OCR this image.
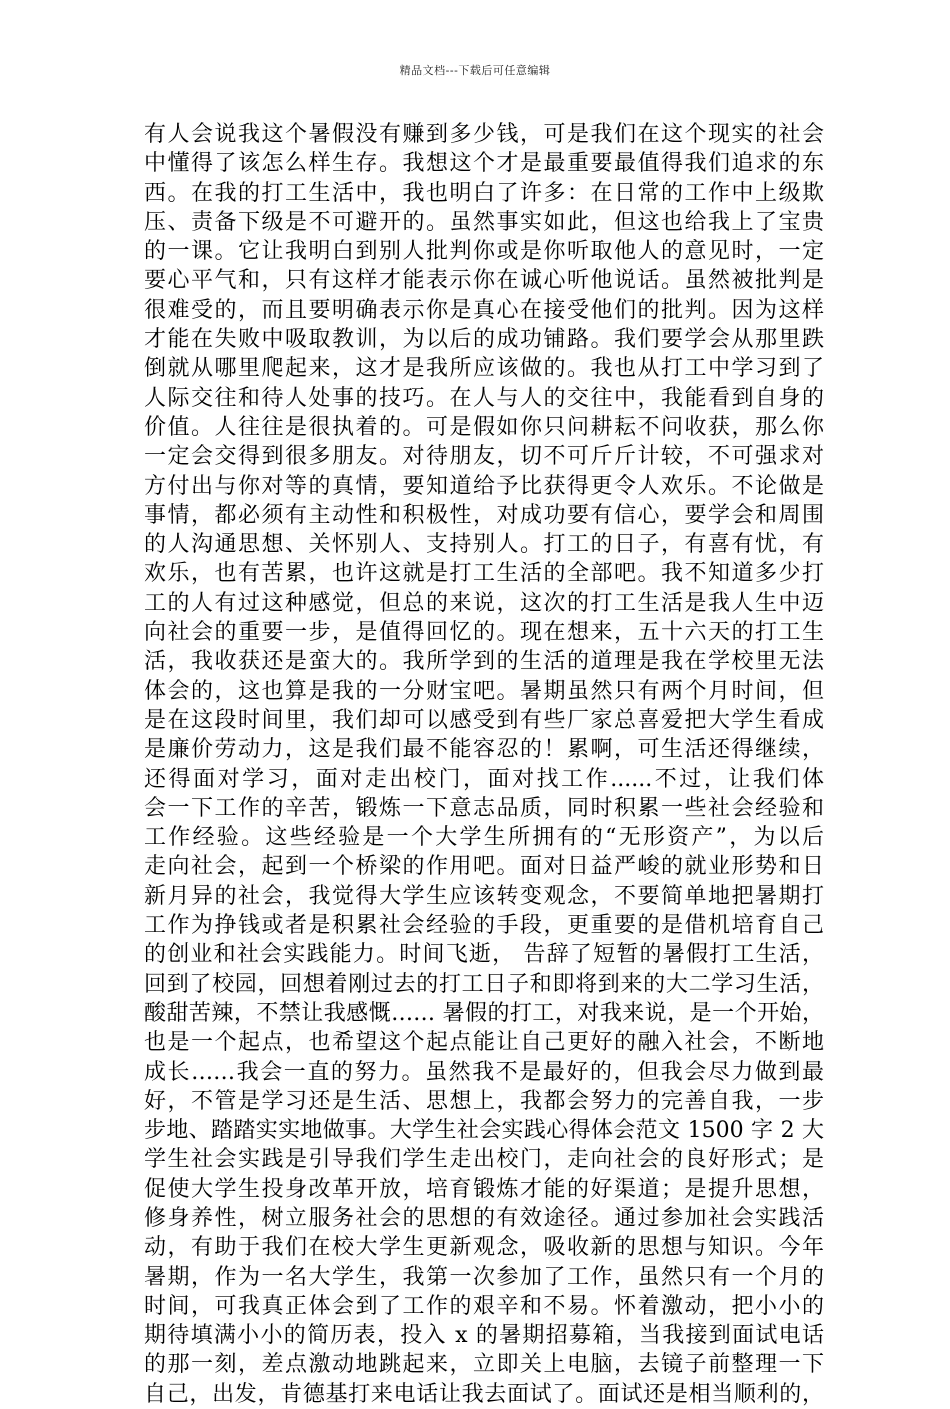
精品文档---下载后可任意编辑
有人会说我这个暑假没有赚到多少钱，可是我们在这个现实的社会
中懂得了该怎么样生存。我想这个才是最重要最值得我们追求的东
西。在我的打工生活中，我也明白了许多：在日常的工作中上级欺
压、责备下级是不可避开的。虽然事实如此，但这也给我上了宝贵
的一课。它让我明白到别人批判你或是你听取他人的意见时，一定
要心平气和，只有这样才能表示你在诚心听他说话。虽然被批判是
很难受的，而且要明确表示你是真心在接受他们的批判。因为这样
才能在失败中吸取教训，为以后的成功铺路。我们要学会从那里跌
倒就从哪里爬起来，这才是我所应该做的。我也从打工中学习到了
人际交往和待人处事的技巧。在人与人的交往中，我能看到自身的
价值。人往往是很执着的。可是假如你只问耕耘不问收获，那么你
一定会交得到很多朋友。对待朋友，切不可斤斤计较，不可强求对
方付出与你对等的真情，要知道给予比获得更令人欢乐。不论做是
事情，都必须有主动性和积极性，对成功要有信心，要学会和周围
的人沟通思想、关怀别人、支持别人。打工的日子，有喜有忧，有
欢乐，也有苦累，也许这就是打工生活的全部吧。我不知道多少打
工的人有过这种感觉，但总的来说，这次的打工生活是我人生中迈
向社会的重要一步，是值得回忆的。现在想来，五十六天的打工生
活，我收获还是蛮大的。我所学到的生活的道理是我在学校里无法
体会的，这也算是我的一分财宝吧。暑期虽然只有两个月时间，但
是在这段时间里，我们却可以感受到有些厂家总喜爱把大学生看成
是廉价劳动力，这是我们最不能容忍的！累啊，可生活还得继续，
还得面对学习，面对走出校门，面对找工作......不过，让我们体
会一下工作的辛苦，锻炼一下意志品质，同时积累一些社会经验和
工作经验。这些经验是一个大学生所拥有的“无形资产”，为以后
走向社会，起到一个桥梁的作用吧。面对日益严峻的就业形势和日
新月异的社会，我觉得大学生应该转变观念，不要简单地把暑期打
工作为挣钱或者是积累社会经验的手段，更重要的是借机培育自己
的创业和社会实践能力。时间飞逝， 告辞了短暂的暑假打工生活，
回到了校园，回想着刚过去的打工日子和即将到来的大二学习生活，
酸甜苦辣，不禁让我感慨…… 暑假的打工，对我来说，是一个开始，
也是一个起点，也希望这个起点能让自己更好的融入社会，不断地
成长……我会一直的努力。虽然我不是最好的，但我会尽力做到最
好，不管是学习还是生活、思想上，我都会努力的完善自我，一步
步地、踏踏实实地做事。大学生社会实践心得体会范文 1500 字 2 大
学生社会实践是引导我们学生走出校门，走向社会的良好形式；是
促使大学生投身改革开放，培育锻炼才能的好渠道；是提升思想，
修身养性，树立服务社会的思想的有效途径。通过参加社会实践活
动，有助于我们在校大学生更新观念，吸收新的思想与知识。今年
暑期，作为一名大学生，我第一次参加了工作，虽然只有一个月的
时间，可我真正体会到了工作的艰辛和不易。怀着激动，把小小的
期待填满小小的简历表，投入 x 的暑期招募箱，当我接到面试电话
的那一刻，差点激动地跳起来，立即关上电脑，去镜子前整理一下
自己，出发，肯德基打来电话让我去面试了。面试还是相当顺利的，
